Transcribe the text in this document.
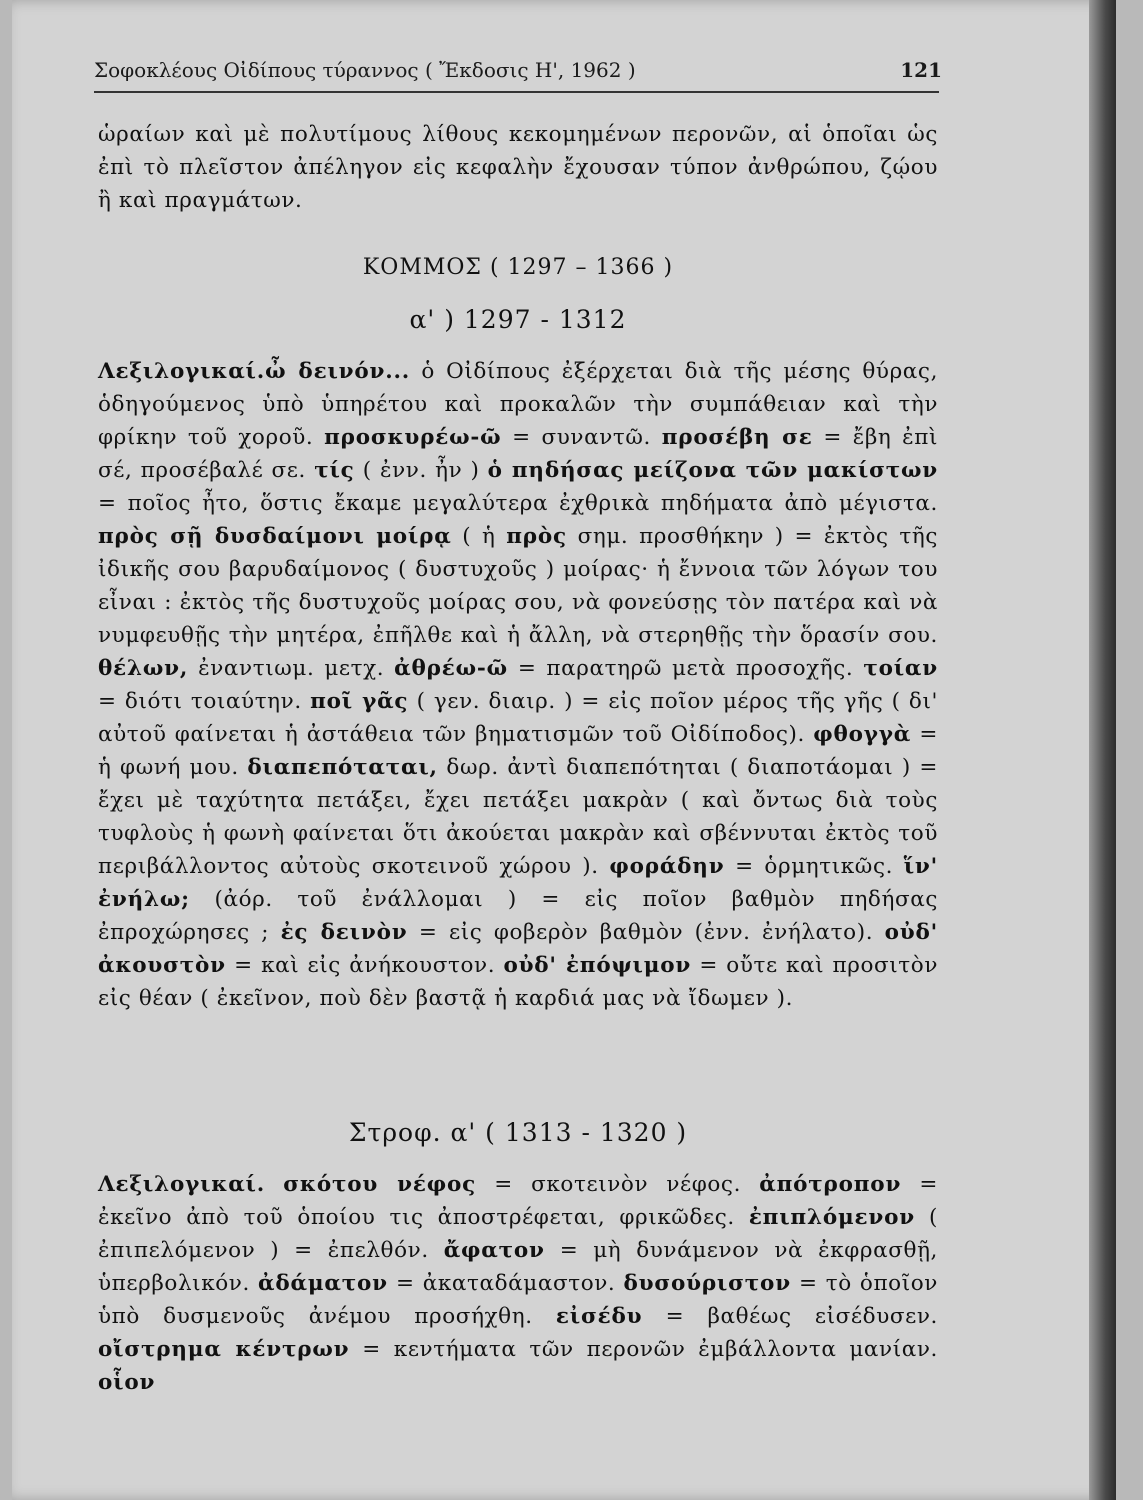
Σοφοκλέους Οἰδίπους τύραννος ( Ἔκδοσις Η', 1962 )	121
ὡραίων καὶ μὲ πολυτίμους λίθους κεκομημένων περονῶν, αἱ ὁποῖαι ὡς ἐπὶ τὸ πλεῖστον ἀπέληγον εἰς κεφαλὴν ἔχουσαν τύπον ἀνθρώπου, ζῴου ἢ καὶ πραγμάτων.
ΚΟΜΜΟΣ ( 1297 – 1366 )
α' ) 1297 - 1312
Λεξιλογικαί.ὦ δεινόν... ὁ Οἰδίπους ἐξέρχεται διὰ τῆς μέσης θύρας, ὁδηγούμενος ὑπὸ ὑπηρέτου καὶ προκαλῶν τὴν συμπάθειαν καὶ τὴν φρίκην τοῦ χοροῦ. προσκυρέω-ῶ = συναντῶ. προσέβη σε = ἔβη ἐπὶ σέ, προσέβαλέ σε. τίς ( ἐνν. ἦν ) ὁ πηδήσας μείζονα τῶν μακίστων = ποῖος ἦτο, ὅστις ἔκαμε μεγαλύτερα ἐχθρικὰ πηδήματα ἀπὸ μέγιστα. πρὸς σῇ δυσδαίμονι μοίρᾳ ( ἡ πρὸς σημ. προσθήκην ) = ἐκτὸς τῆς ἰδικῆς σου βαρυδαίμονος ( δυστυχοῦς ) μοίρας· ἡ ἔννοια τῶν λόγων του εἶναι : ἐκτὸς τῆς δυστυχοῦς μοίρας σου, νὰ φονεύσῃς τὸν πατέρα καὶ νὰ νυμφευθῇς τὴν μητέρα, ἐπῆλθε καὶ ἡ ἄλλη, νὰ στερηθῇς τὴν ὅρασίν σου. θέλων, ἐναντιωμ. μετχ. ἀθρέω-ῶ = παρατηρῶ μετὰ προσοχῆς. τοίαν = διότι τοιαύτην. ποῖ γᾶς ( γεν. διαιρ. ) = εἰς ποῖον μέρος τῆς γῆς ( δι' αὐτοῦ φαίνεται ἡ ἀστάθεια τῶν βηματισμῶν τοῦ Οἰδίποδος). φθογγὰ = ἡ φωνή μου. διαπεπόταται, δωρ. ἀντὶ διαπεπότηται ( διαποτάομαι ) = ἔχει μὲ ταχύτητα πετάξει, ἔχει πετάξει μακρὰν ( καὶ ὄντως διὰ τοὺς τυφλοὺς ἡ φωνὴ φαίνεται ὅτι ἀκούεται μακρὰν καὶ σβέννυται ἐκτὸς τοῦ περιβάλλοντος αὐτοὺς σκοτεινοῦ χώρου ). φοράδην = ὁρμητικῶς. ἵν' ἐνήλω; (ἀόρ. τοῦ ἐνάλλομαι ) = εἰς ποῖον βαθμὸν πηδήσας ἐπροχώρησες ; ἐς δεινὸν = εἰς φοβερὸν βαθμὸν (ἐνν. ἐνήλατο). οὐδ' ἀκουστὸν = καὶ εἰς ἀνήκουστον. οὐδ' ἐπόψιμον = οὔτε καὶ προσιτὸν εἰς θέαν ( ἐκεῖνον, ποὺ δὲν βαστᾷ ἡ καρδιά μας νὰ ἴδωμεν ).
Στροφ. α' ( 1313 - 1320 )
Λεξιλογικαί. σκότου νέφος = σκοτεινὸν νέφος. ἀπότροπον = ἐκεῖνο ἀπὸ τοῦ ὁποίου τις ἀποστρέφεται, φρικῶδες. ἐπιπλόμενον ( ἐπιπελόμενον ) = ἐπελθόν. ἄφατον = μὴ δυνάμενον νὰ ἐκφρασθῇ, ὑπερβολικόν. ἀδάματον = ἀκαταδάμαστον. δυσούριστον = τὸ ὁποῖον ὑπὸ δυσμενοῦς ἀνέμου προσήχθη. εἰσέδυ = βαθέως εἰσέδυσεν. οἴστρημα κέντρων = κεντήματα τῶν περονῶν ἐμβάλλοντα μανίαν. οἷον
